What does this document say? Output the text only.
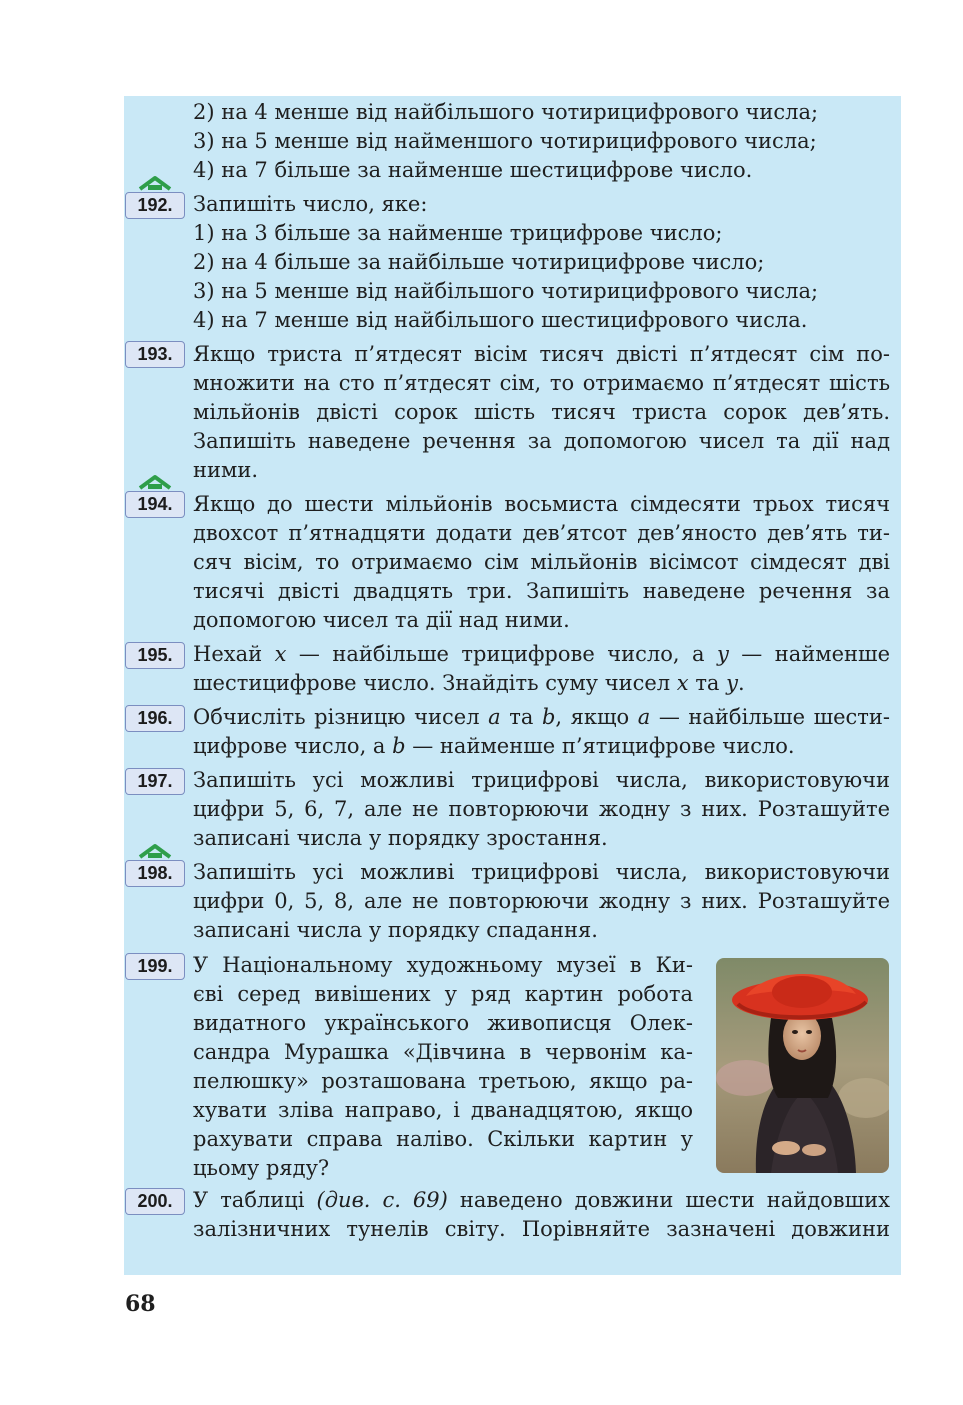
2) на 4 менше від найбільшого чотирицифрового числа;
3) на 5 менше від найменшого чотирицифрового числа;
4) на 7 більше за найменше шестицифрове число.
192. Запишіть число, яке:
1) на 3 більше за найменше трицифрове число;
2) на 4 більше за найбільше чотирицифрове число;
3) на 5 менше від найбільшого чотирицифрового числа;
4) на 7 менше від найбільшого шестицифрового числа.
193. Якщо триста п’ятдесят вісім тисяч двісті п’ятдесят сім по-
множити на сто п’ятдесят сім, то отримаємо п’ятдесят шість
мільйонів двісті сорок шість тисяч триста сорок дев’ять.
Запишіть наведене речення за допомогою чисел та дії над
ними.
194. Якщо до шести мільйонів восьмиста сімдесяти трьох тисяч
двохсот п’ятнадцяти додати дев’ятсот дев’яносто дев’ять ти-
сяч вісім, то отримаємо сім мільйонів вісімсот сімдесят дві
тисячі двісті двадцять три. Запишіть наведене речення за
допомогою чисел та дії над ними.
195. Нехай x — найбільше трицифрове число, а y — найменше
шестицифрове число. Знайдіть суму чисел x та y.
196. Обчисліть різницю чисел a та b, якщо a — найбільше шести-
цифрове число, а b — найменше п’ятицифрове число.
197. Запишіть усі можливі трицифрові числа, використовуючи
цифри 5, 6, 7, але не повторюючи жодну з них. Розташуйте
записані числа у порядку зростання.
198. Запишіть усі можливі трицифрові числа, використовуючи
цифри 0, 5, 8, але не повторюючи жодну з них. Розташуйте
записані числа у порядку спадання.
199. У Національному художньому музеї в Ки-
єві серед вивішених у ряд картин робота
видатного українського живописця Олек-
сандра Мурашка «Дівчина в червонім ка-
пелюшку» розташована третьою, якщо ра-
хувати зліва направо, і дванадцятою, якщо
рахувати справа наліво. Скільки картин у
цьому ряду?
200. У таблиці (див. с. 69) наведено довжини шести найдовших
залізничних тунелів світу. Порівняйте зазначені довжини
68
